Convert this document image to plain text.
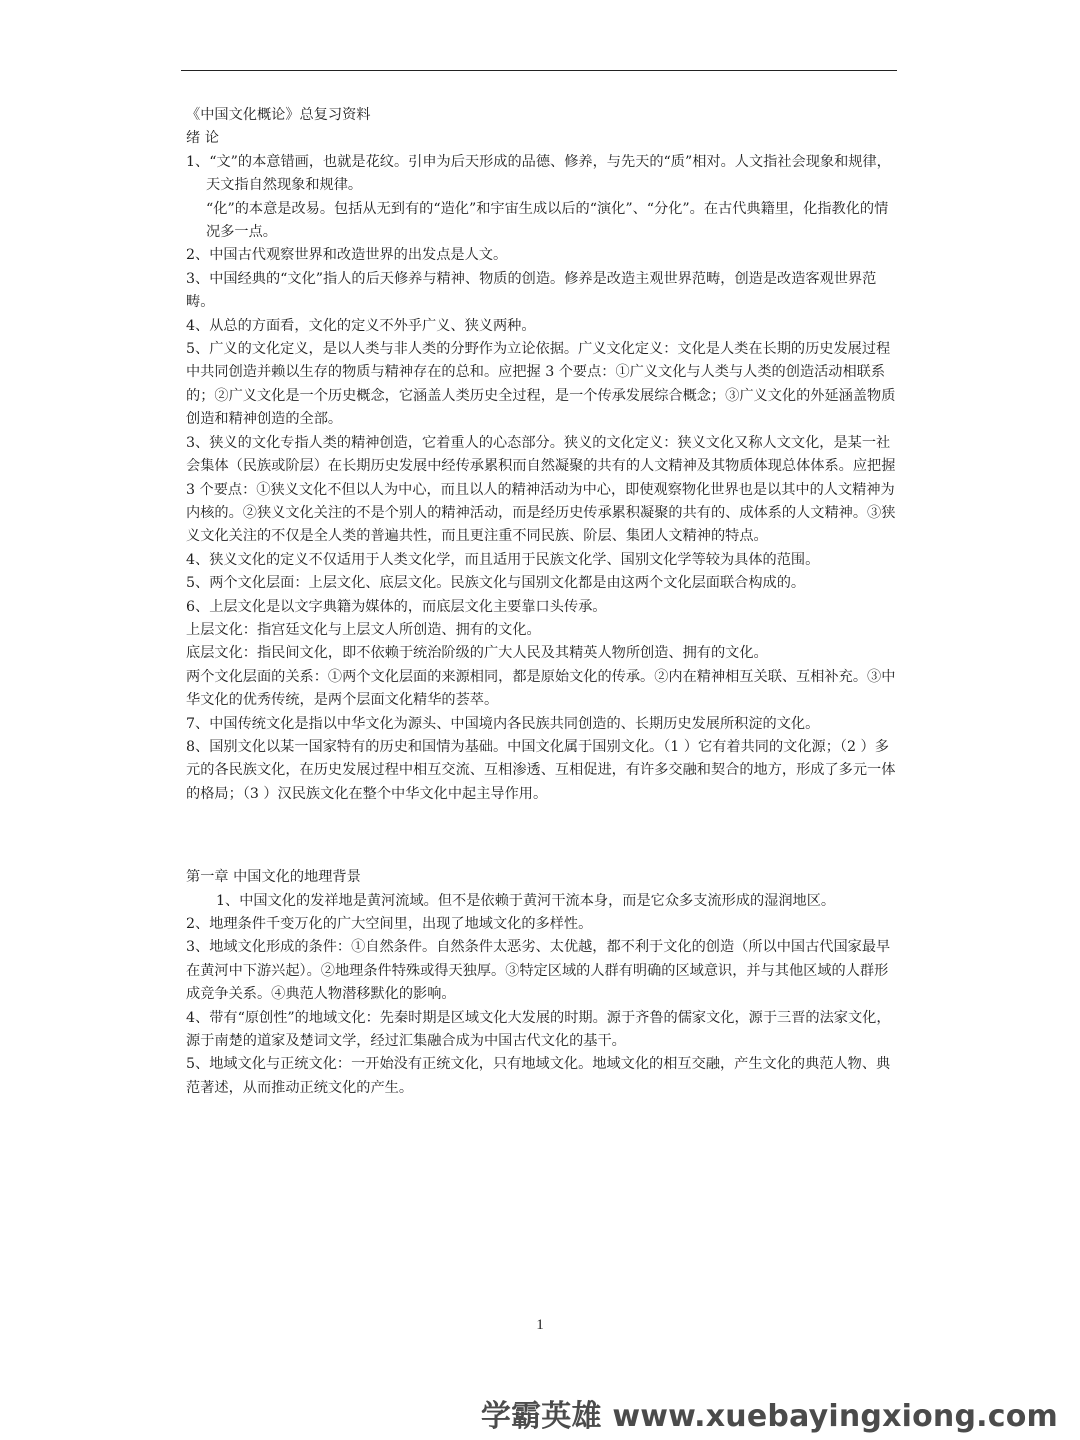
《中国文化概论》总复习资料

绪 论

1、“文”的本意错画，也就是花纹。引申为后天形成的品德、修养，与先天的“质”相对。人文指社会现象和规律，天文指自然现象和规律。

“化”的本意是改易。包括从无到有的“造化”和宇宙生成以后的“演化”、“分化”。在古代典籍里，化指教化的情况多一点。

2、中国古代观察世界和改造世界的出发点是人文。

3、中国经典的“文化”指人的后天修养与精神、物质的创造。修养是改造主观世界范畴，创造是改造客观世界范畴。

4、从总的方面看，文化的定义不外乎广义、狭义两种。

5、广义的文化定义，是以人类与非人类的分野作为立论依据。广义文化定义：文化是人类在长期的历史发展过程中共同创造并赖以生存的物质与精神存在的总和。应把握 3 个要点：①广义文化与人类与人类的创造活动相联系的；②广义文化是一个历史概念，它涵盖人类历史全过程，是一个传承发展综合概念；③广义文化的外延涵盖物质创造和精神创造的全部。

3、狭义的文化专指人类的精神创造，它着重人的心态部分。狭义的文化定义：狭义文化又称人文文化，是某一社会集体（民族或阶层）在长期历史发展中经传承累积而自然凝聚的共有的人文精神及其物质体现总体体系。应把握 3 个要点：①狭义文化不但以人为中心，而且以人的精神活动为中心，即使观察物化世界也是以其中的人文精神为内核的。②狭义文化关注的不是个别人的精神活动，而是经历史传承累积凝聚的共有的、成体系的人文精神。③狭义文化关注的不仅是全人类的普遍共性，而且更注重不同民族、阶层、集团人文精神的特点。

4、狭义文化的定义不仅适用于人类文化学，而且适用于民族文化学、国别文化学等较为具体的范围。

5、两个文化层面：上层文化、底层文化。民族文化与国别文化都是由这两个文化层面联合构成的。

6、上层文化是以文字典籍为媒体的，而底层文化主要靠口头传承。

上层文化：指宫廷文化与上层文人所创造、拥有的文化。

底层文化：指民间文化，即不依赖于统治阶级的广大人民及其精英人物所创造、拥有的文化。

两个文化层面的关系：①两个文化层面的来源相同，都是原始文化的传承。②内在精神相互关联、互相补充。③中华文化的优秀传统，是两个层面文化精华的荟萃。

7、中国传统文化是指以中华文化为源头、中国境内各民族共同创造的、长期历史发展所积淀的文化。

8、国别文化以某一国家特有的历史和国情为基础。中国文化属于国别文化。（1 ）它有着共同的文化源；（2 ）多元的各民族文化，在历史发展过程中相互交流、互相渗透、互相促进，有许多交融和契合的地方，形成了多元一体的格局；（3 ）汉民族文化在整个中华文化中起主导作用。

第一章 中国文化的地理背景

1、中国文化的发祥地是黄河流域。但不是依赖于黄河干流本身，而是它众多支流形成的湿润地区。

2、地理条件千变万化的广大空间里，出现了地域文化的多样性。

3、地域文化形成的条件：①自然条件。自然条件太恶劣、太优越，都不利于文化的创造（所以中国古代国家最早在黄河中下游兴起）。②地理条件特殊或得天独厚。③特定区域的人群有明确的区域意识，并与其他区域的人群形成竞争关系。④典范人物潜移默化的影响。

4、带有“原创性”的地域文化：先秦时期是区域文化大发展的时期。源于齐鲁的儒家文化，源于三晋的法家文化，源于南楚的道家及楚词文学，经过汇集融合成为中国古代文化的基干。

5、地域文化与正统文化：一开始没有正统文化，只有地域文化。地域文化的相互交融，产生文化的典范人物、典范著述，从而推动正统文化的产生。

1
学霸英雄 www.xuebayingxiong.com
